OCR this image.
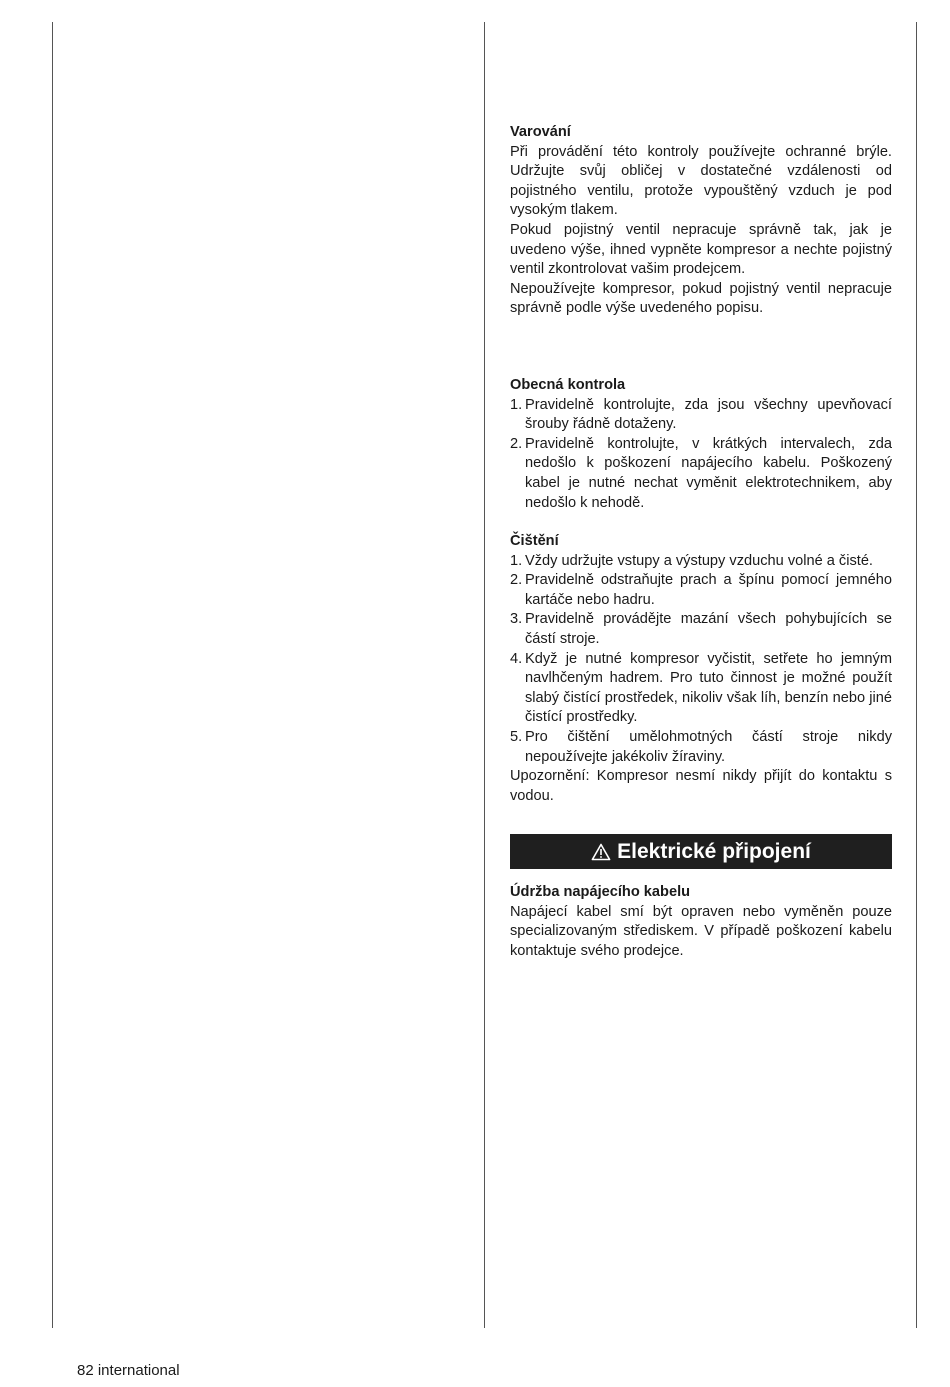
Varování

Při provádění této kontroly používejte ochranné brýle. Udržujte svůj obličej v dostatečné vzdálenosti od pojistného ventilu, protože vypouštěný vzduch je pod vysokým tlakem.

Pokud pojistný ventil nepracuje správně tak, jak je uvedeno výše, ihned vypněte kompresor a nechte pojistný ventil zkontrolovat vašim prodejcem.

Nepoužívejte kompresor, pokud pojistný ventil nepracuje správně podle výše uvedeného popisu.

Obecná kontrola
1. Pravidelně kontrolujte, zda jsou všechny upevňovací šrouby řádně dotaženy.
2. Pravidelně kontrolujte, v krátkých intervalech, zda nedošlo k poškození napájecího kabelu. Poškozený kabel je nutné nechat vyměnit elektrotechnikem, aby nedošlo k nehodě.
Čištění
1. Vždy udržujte vstupy a výstupy vzduchu volné a čisté.
2. Pravidelně odstraňujte prach a špínu pomocí jemného kartáče nebo hadru.
3. Pravidelně provádějte mazání všech pohybujících se částí stroje.
4. Když je nutné kompresor vyčistit, setřete ho jemným navlhčeným hadrem. Pro tuto činnost je možné použít slabý čistící prostředek, nikoliv však líh, benzín nebo jiné čistící prostředky.
5. Pro čištění umělohmotných částí stroje nikdy nepoužívejte jakékoliv žíraviny.

Upozornění: Kompresor nesmí nikdy přijít do kontaktu s vodou.

Elektrické připojení
Údržba napájecího kabelu

Napájecí kabel smí být opraven nebo vyměněn pouze specializovaným střediskem. V případě poškození kabelu kontaktuje svého prodejce.

82 international
